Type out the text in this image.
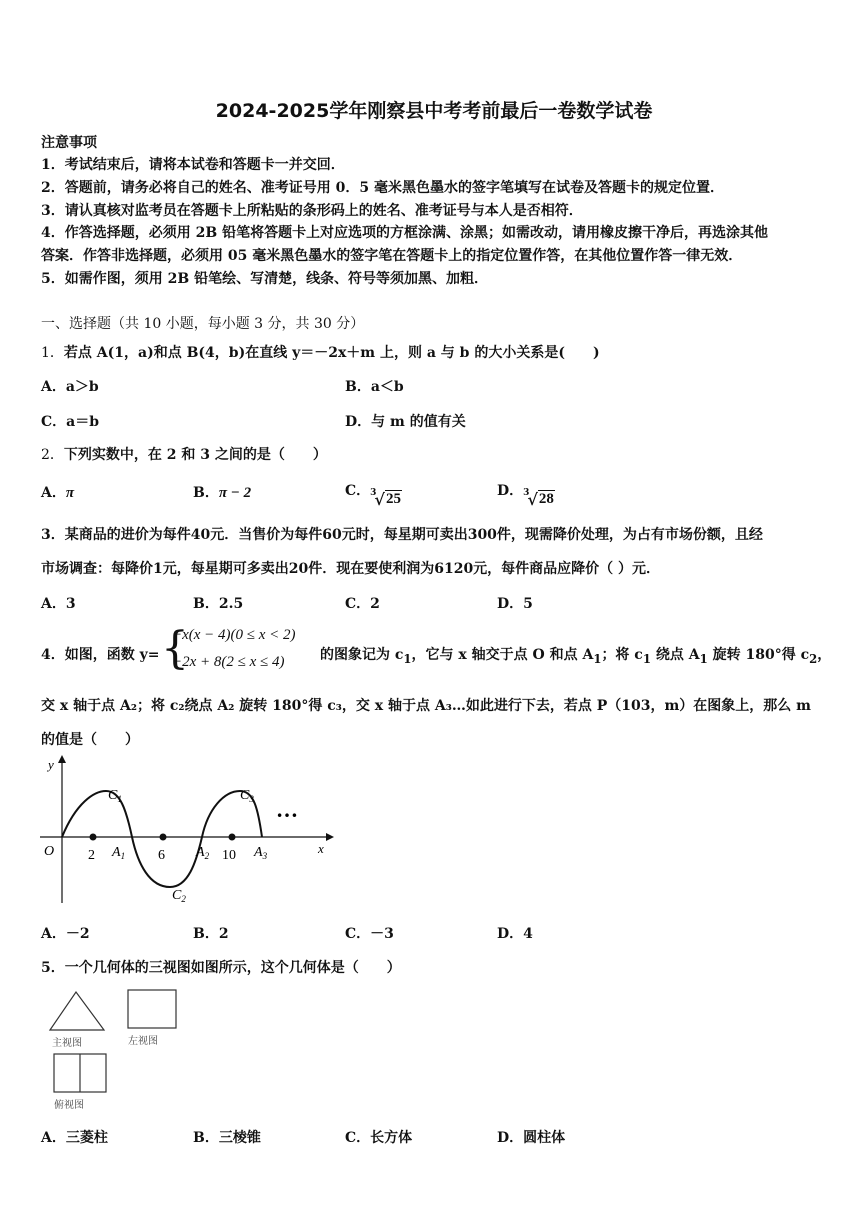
2024-2025学年刚察县中考考前最后一卷数学试卷
注意事项
1．考试结束后，请将本试卷和答题卡一并交回．
2．答题前，请务必将自己的姓名、准考证号用 0．5 毫米黑色墨水的签字笔填写在试卷及答题卡的规定位置．
3．请认真核对监考员在答题卡上所粘贴的条形码上的姓名、准考证号与本人是否相符．
4．作答选择题，必须用 2B 铅笔将答题卡上对应选项的方框涂满、涂黑；如需改动，请用橡皮擦干净后，再选涂其他
答案．作答非选择题，必须用 05 毫米黑色墨水的签字笔在答题卡上的指定位置作答，在其他位置作答一律无效．
5．如需作图，须用 2B 铅笔绘、写清楚，线条、符号等须加黑、加粗．
一、选择题（共 10 小题，每小题 3 分，共 30 分）
1．若点 A(1，a)和点 B(4，b)在直线 y＝－2x＋m 上，则 a 与 b 的大小关系是(　　)
A．a＞b	B．a＜b
C．a＝b	D．与 m 的值有关
2．下列实数中，在 2 和 3 之间的是（　　）
A．π	B．π − 2	C． 3
√ 25	D． 3
√ 28
3．某商品的进价为每件40元．当售价为每件60元时，每星期可卖出300件，现需降价处理，为占有市场份额，且经
市场调查：每降价1元，每星期可多卖出20件．现在要使利润为6120元，每件商品应降价（ ）元．
A．3	B．2.5	C．2	D．5
4．如图，函数 y= {
−x(x − 4)(0 ≤ x < 2)
−2x + 8(2 ≤ x ≤ 4)	的图象记为 $c_1$，它与 x 轴交于点 O 和点 $A_1$；将 $c_1$ 绕点 $A_1$ 旋转 180°得 $c_2$，
交 x 轴于点 A₂；将 c₂绕点 A₂ 旋转 180°得 c₃，交 x 轴于点 A₃…如此进行下去，若点 P（103，m）在图象上，那么 m
的值是（　　）
y
x
O 2	6	10
$A_1$	$A_2$	$A_3$
$C_1$
$C_2$
$C_3$ …
A．－2	B．2	C．－3	D．4
5．一个几何体的三视图如图所示，这个几何体是（　　）
主视图	左视图
俯视图
A．三菱柱	B．三棱锥	C．长方体	D．圆柱体
